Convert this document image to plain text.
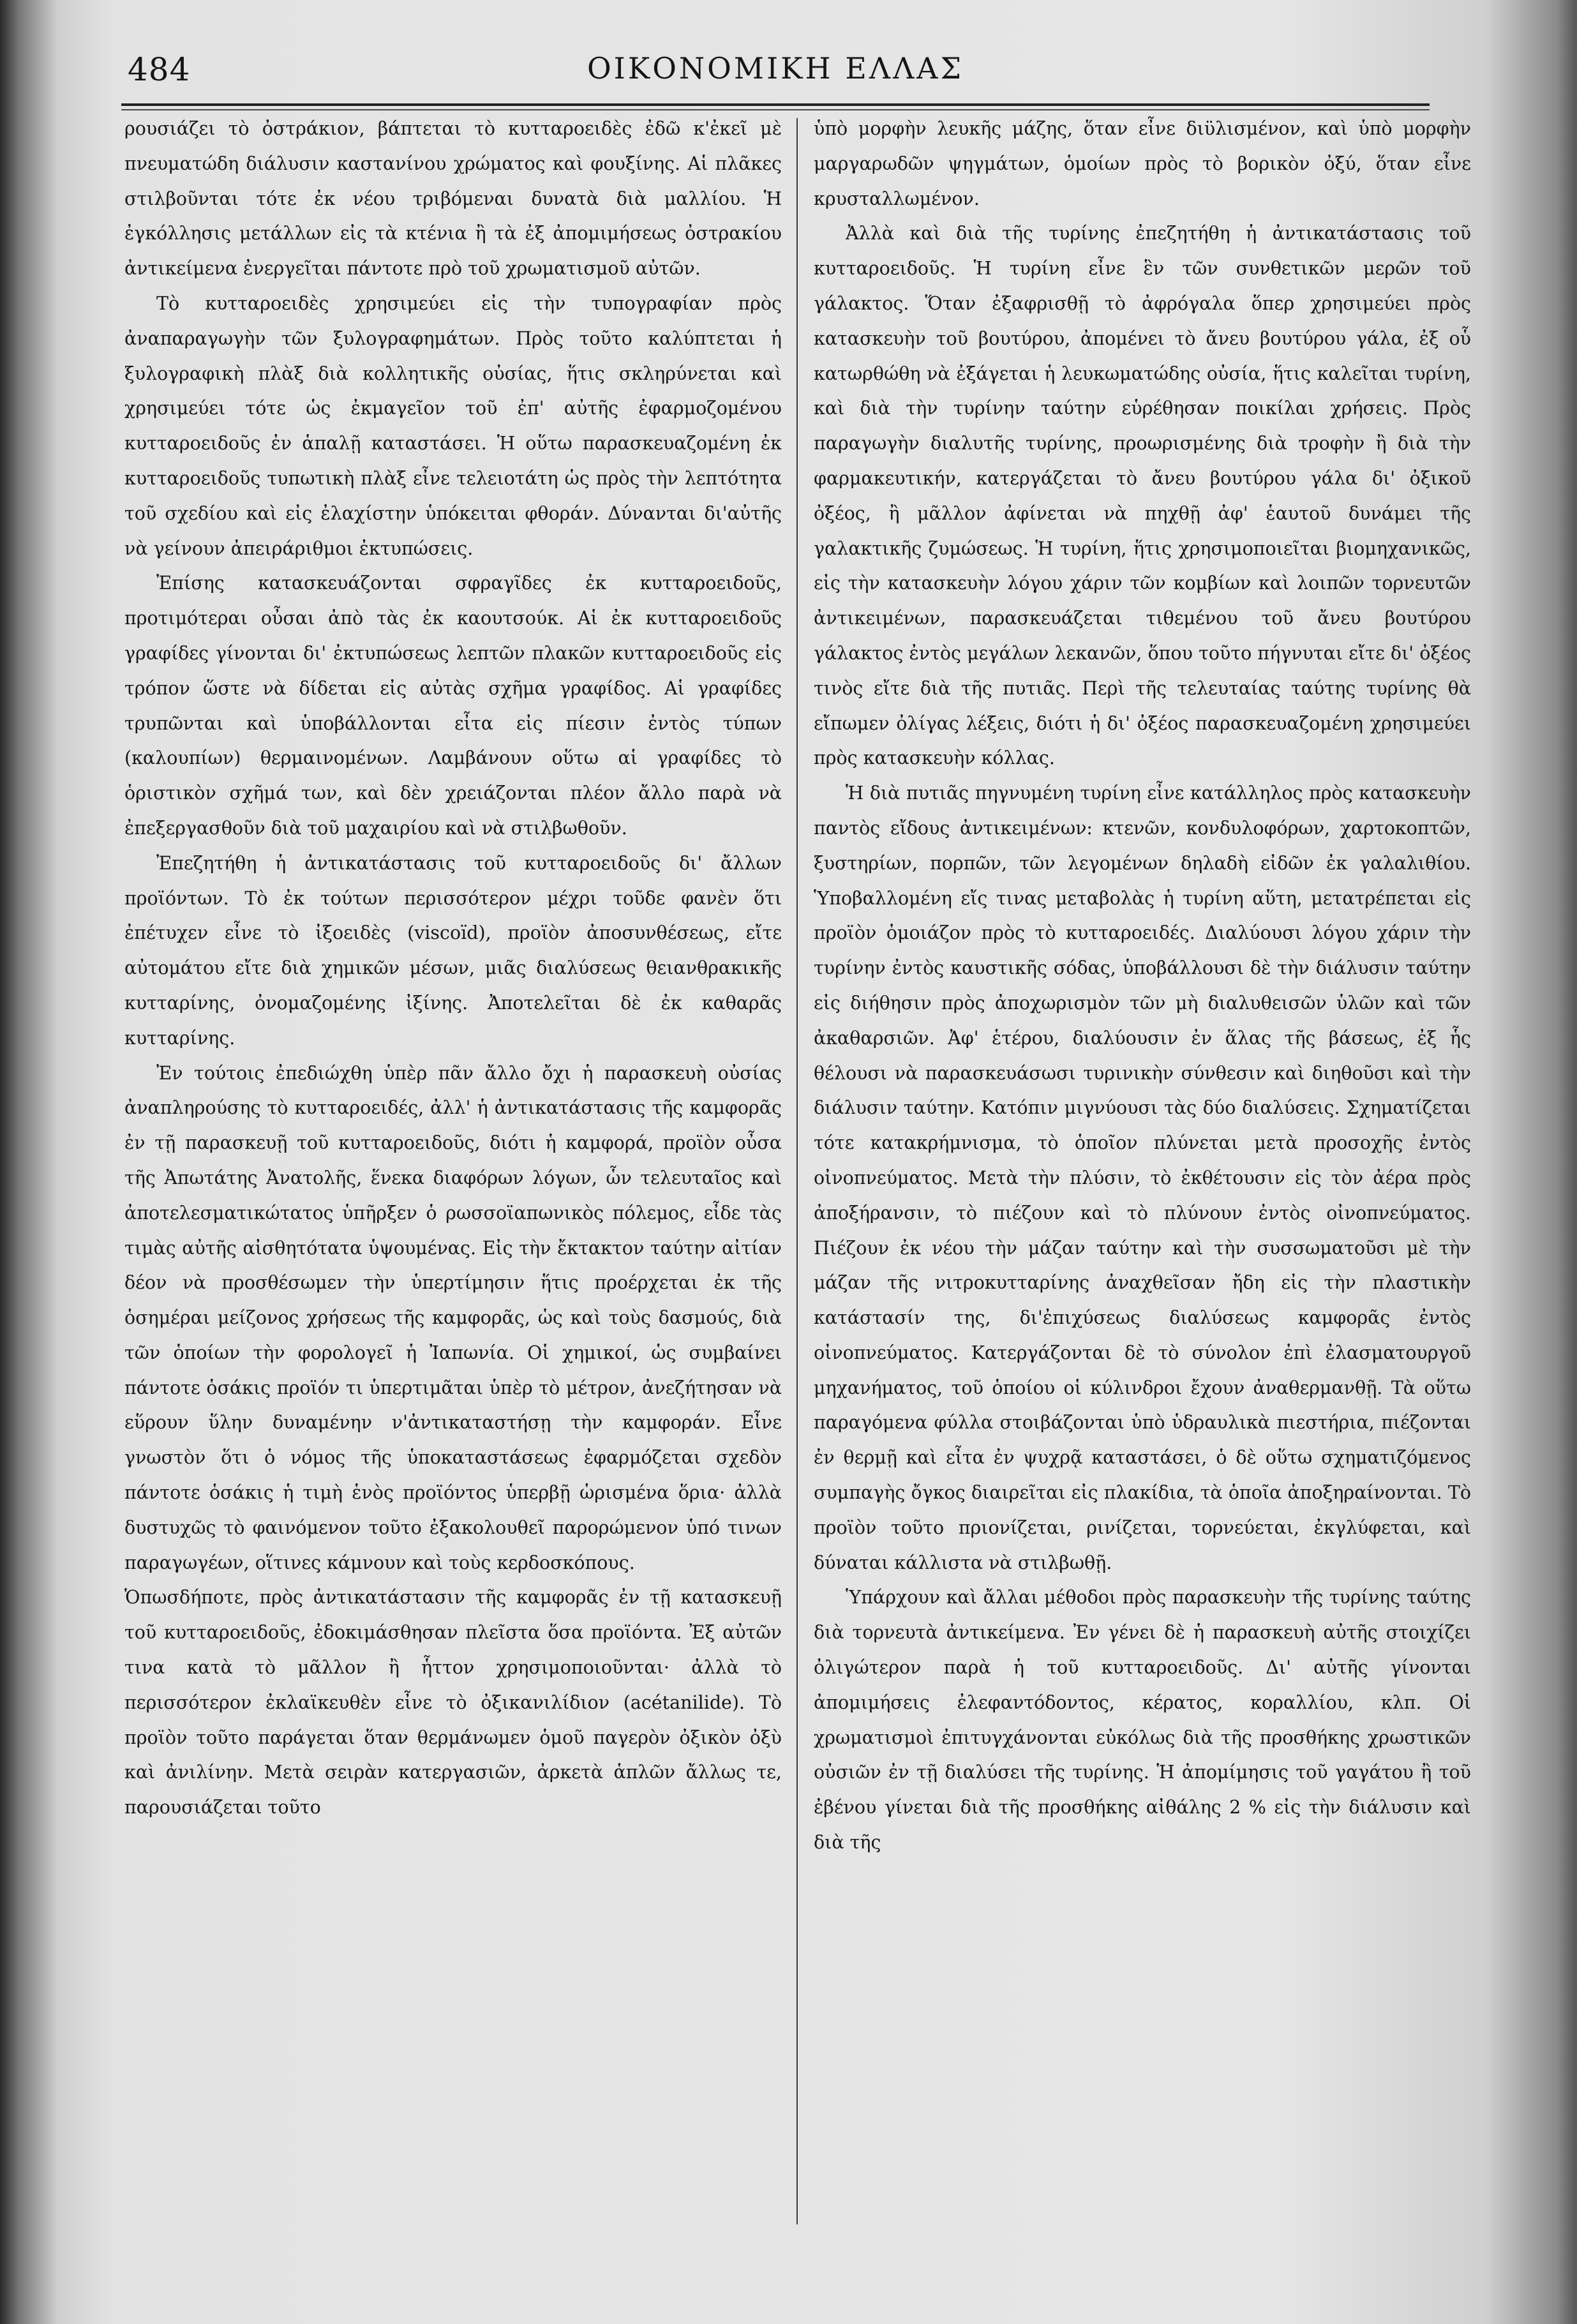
484	ΟΙΚΟΝΟΜΙΚΗ ΕΛΛΑΣ

ρουσιάζει τὸ ὀστράκιον, βάπτεται τὸ κυτταροειδὲς ἐδῶ κ'ἐκεῖ μὲ πνευματώδη διάλυσιν καστανίνου χρώματος καὶ φουξίνης. Αἱ πλᾶκες στιλβοῦνται τότε ἐκ νέου τριβόμεναι δυνατὰ διὰ μαλλίου. Ἡ ἐγκόλλησις μετάλλων εἰς τὰ κτένια ἢ τὰ ἐξ ἀπομιμήσεως ὀστρακίου ἀντικείμενα ἐνεργεῖται πάντοτε πρὸ τοῦ χρωματισμοῦ αὐτῶν.

Τὸ κυτταροειδὲς χρησιμεύει εἰς τὴν τυπογραφίαν πρὸς ἀναπαραγωγὴν τῶν ξυλογραφημάτων. Πρὸς τοῦτο καλύπτεται ἡ ξυλογραφικὴ πλὰξ διὰ κολλητικῆς οὐσίας, ἥτις σκληρύνεται καὶ χρησιμεύει τότε ὡς ἐκμαγεῖον τοῦ ἐπ' αὐτῆς ἐφαρμοζομένου κυτταροειδοῦς ἐν ἁπαλῇ καταστάσει. Ἡ οὕτω παρασκευαζομένη ἐκ κυτταροειδοῦς τυπωτικὴ πλὰξ εἶνε τελειοτάτη ὡς πρὸς τὴν λεπτότητα τοῦ σχεδίου καὶ εἰς ἐλαχίστην ὑπόκειται φθοράν. Δύνανται δι'αὐτῆς νὰ γείνουν ἀπειράριθμοι ἐκτυπώσεις.

Ἐπίσης κατασκευάζονται σφραγῖδες ἐκ κυτταροειδοῦς, προτιμότεραι οὖσαι ἀπὸ τὰς ἐκ καουτσούκ. Αἱ ἐκ κυτταροειδοῦς γραφίδες γίνονται δι' ἐκτυπώσεως λεπτῶν πλακῶν κυτταροειδοῦς εἰς τρόπον ὥστε νὰ δίδεται εἰς αὐτὰς σχῆμα γραφίδος. Αἱ γραφίδες τρυπῶνται καὶ ὑποβάλλονται εἶτα εἰς πίεσιν ἐντὸς τύπων (καλουπίων) θερμαινομένων. Λαμβάνουν οὕτω αἱ γραφίδες τὸ ὁριστικὸν σχῆμά των, καὶ δὲν χρειάζονται πλέον ἄλλο παρὰ νὰ ἐπεξεργασθοῦν διὰ τοῦ μαχαιρίου καὶ νὰ στιλβωθοῦν.

Ἐπεζητήθη ἡ ἀντικατάστασις τοῦ κυτταροειδοῦς δι' ἄλλων προϊόντων. Τὸ ἐκ τούτων περισσότερον μέχρι τοῦδε φανὲν ὅτι ἐπέτυχεν εἶνε τὸ ἰξοειδὲς (viscoïd), προϊὸν ἀποσυνθέσεως, εἴτε αὐτομάτου εἴτε διὰ χημικῶν μέσων, μιᾶς διαλύσεως θειανθρακικῆς κυτταρίνης, ὀνομαζομένης ἰξίνης. Ἀποτελεῖται δὲ ἐκ καθαρᾶς κυτταρίνης.

Ἐν τούτοις ἐπεδιώχθη ὑπὲρ πᾶν ἄλλο ὄχι ἡ παρασκευὴ οὐσίας ἀναπληρούσης τὸ κυτταροειδές, ἀλλ' ἡ ἀντικατάστασις τῆς καμφορᾶς ἐν τῇ παρασκευῇ τοῦ κυτταροειδοῦς, διότι ἡ καμφορά, προϊὸν οὖσα τῆς Ἀπωτάτης Ἀνατολῆς, ἕνεκα διαφόρων λόγων, ὧν τελευταῖος καὶ ἀποτελεσματικώτατος ὑπῆρξεν ὁ ρωσσοϊαπωνικὸς πόλεμος, εἶδε τὰς τιμὰς αὐτῆς αἰσθητότατα ὑψουμένας. Εἰς τὴν ἔκτακτον ταύτην αἰτίαν δέον νὰ προσθέσωμεν τὴν ὑπερτίμησιν ἥτις προέρχεται ἐκ τῆς ὁσημέραι μείζονος χρήσεως τῆς καμφορᾶς, ὡς καὶ τοὺς δασμούς, διὰ τῶν ὁποίων τὴν φορολογεῖ ἡ Ἰαπωνία. Οἱ χημικοί, ὡς συμβαίνει πάντοτε ὁσάκις προϊόν τι ὑπερτιμᾶται ὑπὲρ τὸ μέτρον, ἀνεζήτησαν νὰ εὕρουν ὕλην δυναμένην ν'ἀντικαταστήσῃ τὴν καμφοράν. Εἶνε γνωστὸν ὅτι ὁ νόμος τῆς ὑποκαταστάσεως ἐφαρμόζεται σχεδὸν πάντοτε ὁσάκις ἡ τιμὴ ἑνὸς προϊόντος ὑπερβῇ ὡρισμένα ὅρια· ἀλλὰ δυστυχῶς τὸ φαινόμενον τοῦτο ἐξακολουθεῖ παρορώμενον ὑπό τινων παραγωγέων, οἵτινες κάμνουν καὶ τοὺς κερδοσκόπους.

Ὁπωσδήποτε, πρὸς ἀντικατάστασιν τῆς καμφορᾶς ἐν τῇ κατασκευῇ τοῦ κυτταροειδοῦς, ἐδοκιμάσθησαν πλεῖστα ὅσα προϊόντα. Ἐξ αὐτῶν τινα κατὰ τὸ μᾶλλον ἢ ἧττον χρησιμοποιοῦνται· ἀλλὰ τὸ περισσότερον ἐκλαϊκευθὲν εἶνε τὸ ὀξικανιλίδιον (acétanilide). Τὸ προϊὸν τοῦτο παράγεται ὅταν θερμάνωμεν ὁμοῦ παγερὸν ὀξικὸν ὀξὺ καὶ ἀνιλίνην. Μετὰ σειρὰν κατεργασιῶν, ἀρκετὰ ἁπλῶν ἄλλως τε, παρουσιάζεται τοῦτο

ὑπὸ μορφὴν λευκῆς μάζης, ὅταν εἶνε διϋλισμένον, καὶ ὑπὸ μορφὴν μαργαρωδῶν ψηγμάτων, ὁμοίων πρὸς τὸ βορικὸν ὀξύ, ὅταν εἶνε κρυσταλλωμένον.

Ἀλλὰ καὶ διὰ τῆς τυρίνης ἐπεζητήθη ἡ ἀντικατάστασις τοῦ κυτταροειδοῦς. Ἡ τυρίνη εἶνε ἓν τῶν συνθετικῶν μερῶν τοῦ γάλακτος. Ὅταν ἐξαφρισθῇ τὸ ἀφρόγαλα ὅπερ χρησιμεύει πρὸς κατασκευὴν τοῦ βουτύρου, ἀπομένει τὸ ἄνευ βουτύρου γάλα, ἐξ οὗ κατωρθώθη νὰ ἐξάγεται ἡ λευκωματώδης οὐσία, ἥτις καλεῖται τυρίνη, καὶ διὰ τὴν τυρίνην ταύτην εὑρέθησαν ποικίλαι χρήσεις. Πρὸς παραγωγὴν διαλυτῆς τυρίνης, προωρισμένης διὰ τροφὴν ἢ διὰ τὴν φαρμακευτικήν, κατεργάζεται τὸ ἄνευ βουτύρου γάλα δι' ὀξικοῦ ὀξέος, ἢ μᾶλλον ἀφίνεται νὰ πηχθῇ ἀφ' ἑαυτοῦ δυνάμει τῆς γαλακτικῆς ζυμώσεως. Ἡ τυρίνη, ἥτις χρησιμοποιεῖται βιομηχανικῶς, εἰς τὴν κατασκευὴν λόγου χάριν τῶν κομβίων καὶ λοιπῶν τορνευτῶν ἀντικειμένων, παρασκευάζεται τιθεμένου τοῦ ἄνευ βουτύρου γάλακτος ἐντὸς μεγάλων λεκανῶν, ὅπου τοῦτο πήγνυται εἴτε δι' ὀξέος τινὸς εἴτε διὰ τῆς πυτιᾶς. Περὶ τῆς τελευταίας ταύτης τυρίνης θὰ εἴπωμεν ὀλίγας λέξεις, διότι ἡ δι' ὀξέος παρασκευαζομένη χρησιμεύει πρὸς κατασκευὴν κόλλας.

Ἡ διὰ πυτιᾶς πηγνυμένη τυρίνη εἶνε κατάλληλος πρὸς κατασκευὴν παντὸς εἴδους ἀντικειμένων: κτενῶν, κονδυλοφόρων, χαρτοκοπτῶν, ξυστηρίων, πορπῶν, τῶν λεγομένων δηλαδὴ εἰδῶν ἐκ γαλαλιθίου. Ὑποβαλλομένη εἴς τινας μεταβολὰς ἡ τυρίνη αὕτη, μετατρέπεται εἰς προϊὸν ὁμοιάζον πρὸς τὸ κυτταροειδές. Διαλύουσι λόγου χάριν τὴν τυρίνην ἐντὸς καυστικῆς σόδας, ὑποβάλλουσι δὲ τὴν διάλυσιν ταύτην εἰς διήθησιν πρὸς ἀποχωρισμὸν τῶν μὴ διαλυθεισῶν ὑλῶν καὶ τῶν ἀκαθαρσιῶν. Ἀφ' ἑτέρου, διαλύουσιν ἐν ἅλας τῆς βάσεως, ἐξ ἧς θέλουσι νὰ παρασκευάσωσι τυρινικὴν σύνθεσιν καὶ διηθοῦσι καὶ τὴν διάλυσιν ταύτην. Κατόπιν μιγνύουσι τὰς δύο διαλύσεις. Σχηματίζεται τότε κατακρήμνισμα, τὸ ὁποῖον πλύνεται μετὰ προσοχῆς ἐντὸς οἰνοπνεύματος. Μετὰ τὴν πλύσιν, τὸ ἐκθέτουσιν εἰς τὸν ἀέρα πρὸς ἀποξήρανσιν, τὸ πιέζουν καὶ τὸ πλύνουν ἐντὸς οἰνοπνεύματος. Πιέζουν ἐκ νέου τὴν μάζαν ταύτην καὶ τὴν συσσωματοῦσι μὲ τὴν μάζαν τῆς νιτροκυτταρίνης ἀναχθεῖσαν ἤδη εἰς τὴν πλαστικὴν κατάστασίν της, δι'ἐπιχύσεως διαλύσεως καμφορᾶς ἐντὸς οἰνοπνεύματος. Κατεργάζονται δὲ τὸ σύνολον ἐπὶ ἐλασματουργοῦ μηχανήματος, τοῦ ὁποίου οἱ κύλινδροι ἔχουν ἀναθερμανθῇ. Τὰ οὕτω παραγόμενα φύλλα στοιβάζονται ὑπὸ ὑδραυλικὰ πιεστήρια, πιέζονται ἐν θερμῇ καὶ εἶτα ἐν ψυχρᾷ καταστάσει, ὁ δὲ οὕτω σχηματιζόμενος συμπαγὴς ὄγκος διαιρεῖται εἰς πλακίδια, τὰ ὁποῖα ἀποξηραίνονται. Τὸ προϊὸν τοῦτο πριονίζεται, ρινίζεται, τορνεύεται, ἐκγλύφεται, καὶ δύναται κάλλιστα νὰ στιλβωθῇ.

Ὑπάρχουν καὶ ἄλλαι μέθοδοι πρὸς παρασκευὴν τῆς τυρίνης ταύτης διὰ τορνευτὰ ἀντικείμενα. Ἐν γένει δὲ ἡ παρασκευὴ αὐτῆς στοιχίζει ὀλιγώτερον παρὰ ἡ τοῦ κυτταροειδοῦς. Δι' αὐτῆς γίνονται ἀπομιμήσεις ἐλεφαντόδοντος, κέρατος, κοραλλίου, κλπ. Οἱ χρωματισμοὶ ἐπιτυγχάνονται εὐκόλως διὰ τῆς προσθήκης χρωστικῶν οὐσιῶν ἐν τῇ διαλύσει τῆς τυρίνης. Ἡ ἀπομίμησις τοῦ γαγάτου ἢ τοῦ ἐβένου γίνεται διὰ τῆς προσθήκης αἰθάλης 2 % εἰς τὴν διάλυσιν καὶ διὰ τῆς
